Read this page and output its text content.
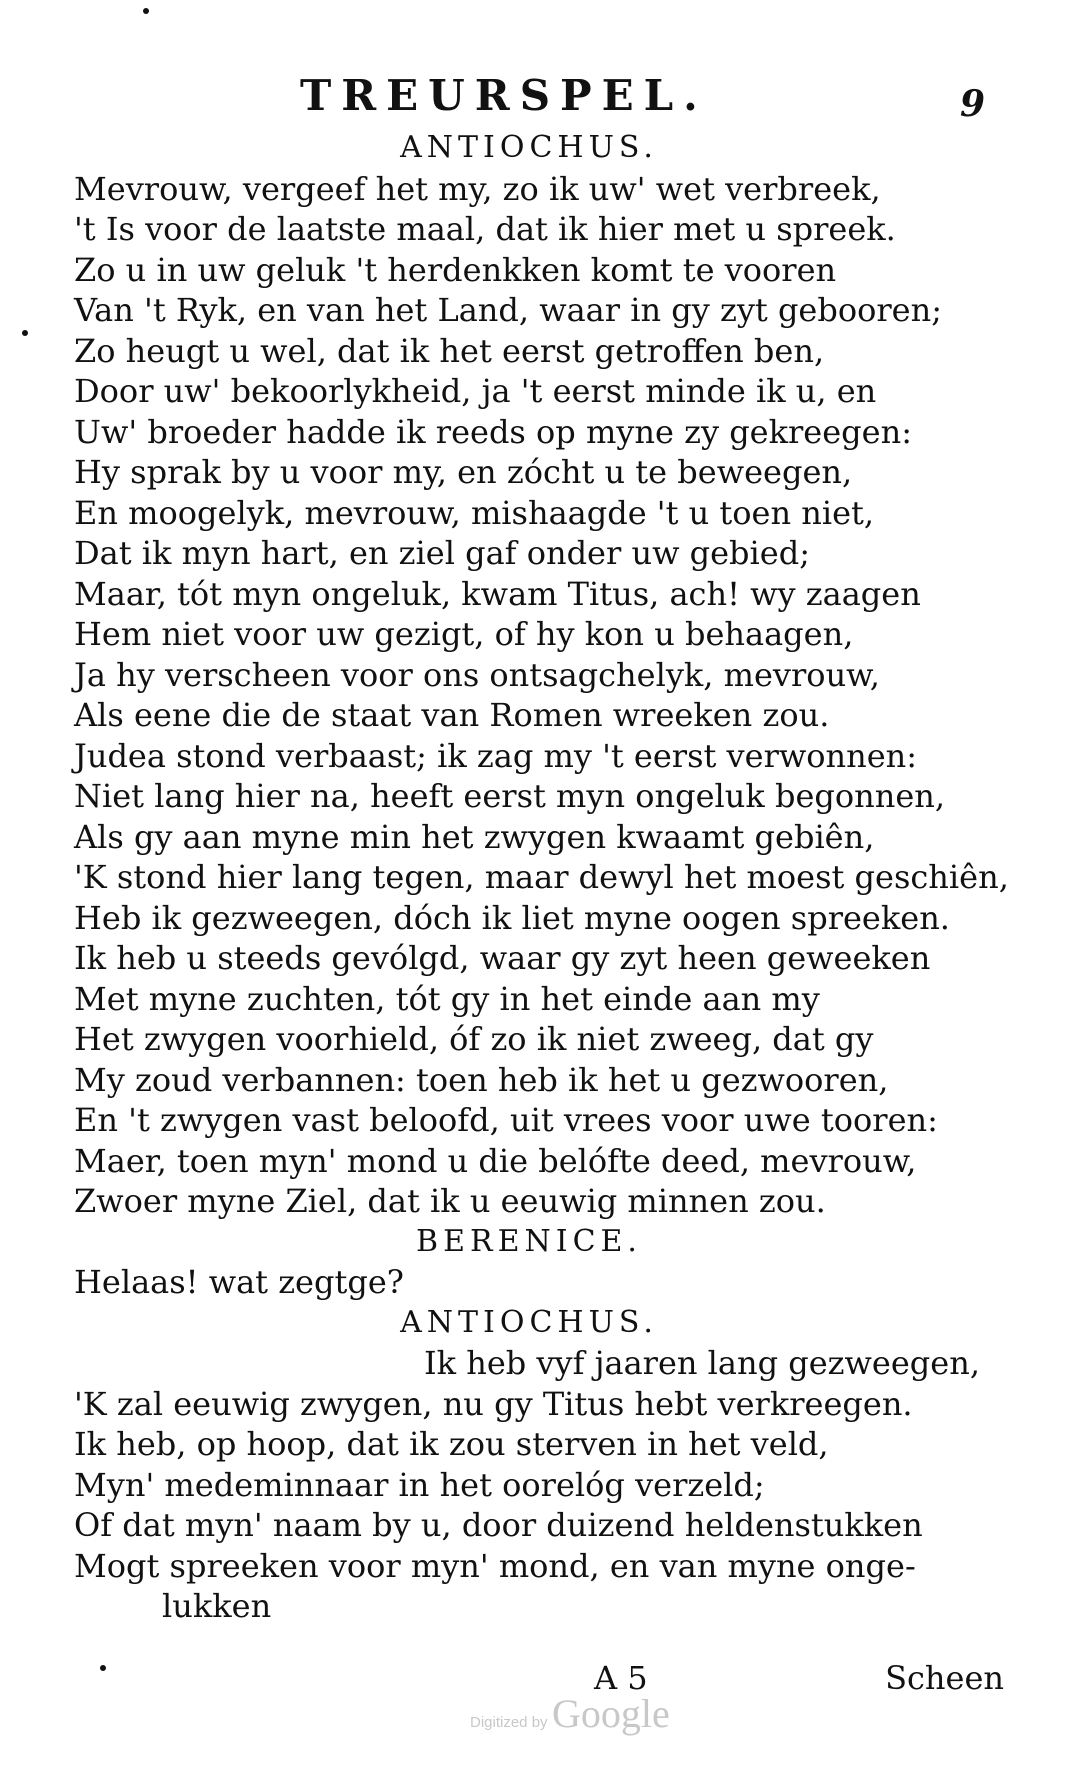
TREURSPEL.	9
ANTIOCHUS.
Mevrouw, vergeef het my, zo ik uw' wet verbreek,
't Is voor de laatste maal, dat ik hier met u spreek.
Zo u in uw geluk 't herdenkken komt te vooren
Van 't Ryk, en van het Land, waar in gy zyt gebooren;
Zo heugt u wel, dat ik het eerst getroffen ben,
Door uw' bekoorlykheid, ja 't eerst minde ik u, en
Uw' broeder hadde ik reeds op myne zy gekreegen:
Hy sprak by u voor my, en zócht u te beweegen,
En moogelyk, mevrouw, mishaagde 't u toen niet,
Dat ik myn hart, en ziel gaf onder uw gebied;
Maar, tót myn ongeluk, kwam Titus, ach! wy zaagen
Hem niet voor uw gezigt, of hy kon u behaagen,
Ja hy verscheen voor ons ontsagchelyk, mevrouw,
Als eene die de staat van Romen wreeken zou.
Judea stond verbaast; ik zag my 't eerst verwonnen:
Niet lang hier na, heeft eerst myn ongeluk begonnen,
Als gy aan myne min het zwygen kwaamt gebiên,
'K stond hier lang tegen, maar dewyl het moest geschiên,
Heb ik gezweegen, dóch ik liet myne oogen spreeken.
Ik heb u steeds gevólgd, waar gy zyt heen geweeken
Met myne zuchten, tót gy in het einde aan my
Het zwygen voorhield, óf zo ik niet zweeg, dat gy
My zoud verbannen: toen heb ik het u gezwooren,
En 't zwygen vast beloofd, uit vrees voor uwe tooren:
Maer, toen myn' mond u die belófte deed, mevrouw,
Zwoer myne Ziel, dat ik u eeuwig minnen zou.
BERENICE.
Helaas! wat zegtge?
ANTIOCHUS.
Ik heb vyf jaaren lang gezweegen,
'K zal eeuwig zwygen, nu gy Titus hebt verkreegen.
Ik heb, op hoop, dat ik zou sterven in het veld,
Myn' medeminnaar in het oorelóg verzeld;
Of dat myn' naam by u, door duizend heldenstukken
Mogt spreeken voor myn' mond, en van myne onge-
lukken
A 5	Scheen
Digitized by Google
